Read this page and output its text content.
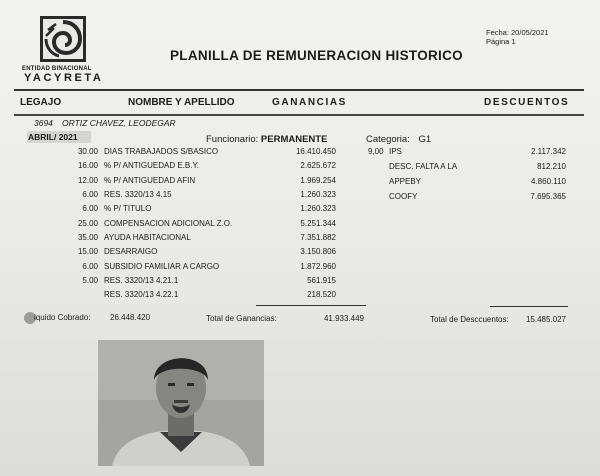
ENTIDAD BINACIONAL
YACYRETA
PLANILLA DE REMUNERACION HISTORICO
Fecha: 20/05/2021
Página 1
LEGAJO	NOMBRE Y APELLIDO	GANANCIAS	DESCUENTOS
3694 ORTIZ CHAVEZ, LEODEGAR
ABRIL/ 2021	Funcionario: PERMANENTE	Categoria: G1
30.00 DIAS TRABAJADOS S/BASICO	16.410.450
16.00 % P/ ANTIGUEDAD E.B.Y.	2.625.672
12.00 % P/ ANTIGUEDAD AFIN	1.969.254
6.00 RES. 3320/13 4.15	1.260.323
6.00 % P/ TITULO	1.260.323
25.00 COMPENSACION ADICIONAL Z.O.	5.251.344
35.00 AYUDA HABITACIONAL	7.351.882
15.00 DESARRAIGO	3.150.806
6.00 SUBSIDIO FAMILIAR A CARGO	1.872.960
5.00 RES. 3320/13 4.21.1	561.915
RES. 3320/13 4.22.1	218.520
9,00 IPS	2.117.342
DESC. FALTA A LA	812.210
APPEBY	4.860.110
COOFY	7.695.365
iquido Cobrado: 26.448.420	Total de Ganancias:	41.933.449	Total de Desccuentos:	15.485.027
